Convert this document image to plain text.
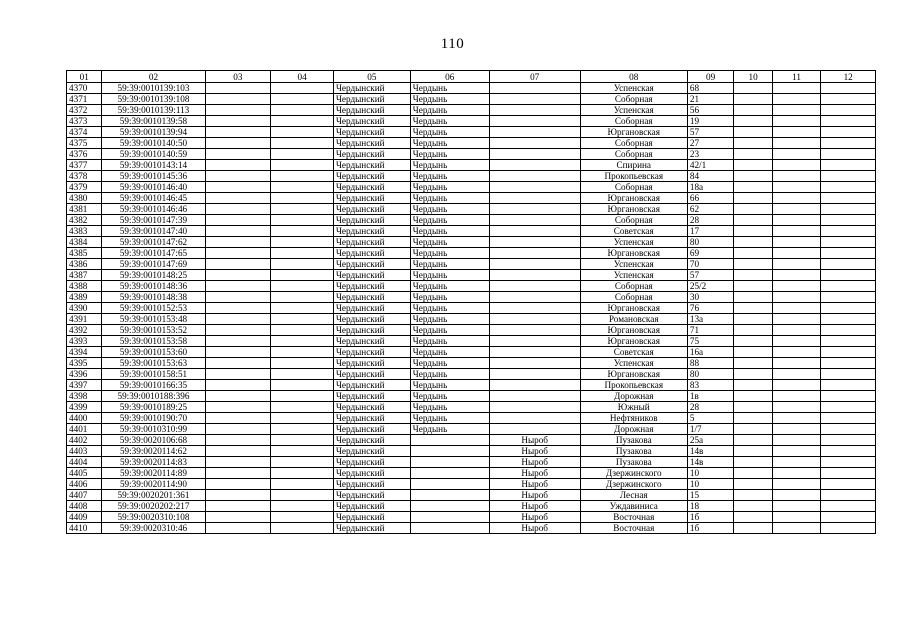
110
01	02	03	04	05	06	07	08	09	10	11	12
4370	59:39:0010139:103			Чердынский	Чердынь		Успенская	68			
4371	59:39:0010139:108			Чердынский	Чердынь		Соборная	21			
4372	59:39:0010139:113			Чердынский	Чердынь		Успенская	56			
4373	59:39:0010139:58			Чердынский	Чердынь		Соборная	19			
4374	59:39:0010139:94			Чердынский	Чердынь		Юргановская	57			
4375	59:39:0010140:50			Чердынский	Чердынь		Соборная	27			
4376	59:39:0010140:59			Чердынский	Чердынь		Соборная	23			
4377	59:39:0010143:14			Чердынский	Чердынь		Спирина	42/1			
4378	59:39:0010145:36			Чердынский	Чердынь		Прокопьевская	84			
4379	59:39:0010146:40			Чердынский	Чердынь		Соборная	18а			
4380	59:39:0010146:45			Чердынский	Чердынь		Юргановская	66			
4381	59:39:0010146:46			Чердынский	Чердынь		Юргановская	62			
4382	59:39:0010147:39			Чердынский	Чердынь		Соборная	28			
4383	59:39:0010147:40			Чердынский	Чердынь		Советская	17			
4384	59:39:0010147:62			Чердынский	Чердынь		Успенская	80			
4385	59:39:0010147:65			Чердынский	Чердынь		Юргановская	69			
4386	59:39:0010147:69			Чердынский	Чердынь		Успенская	70			
4387	59:39:0010148:25			Чердынский	Чердынь		Успенская	57			
4388	59:39:0010148:36			Чердынский	Чердынь		Соборная	25/2			
4389	59:39:0010148:38			Чердынский	Чердынь		Соборная	30			
4390	59:39:0010152:53			Чердынский	Чердынь		Юргановская	76			
4391	59:39:0010153:48			Чердынский	Чердынь		Романовская	13а			
4392	59:39:0010153:52			Чердынский	Чердынь		Юргановская	71			
4393	59:39:0010153:58			Чердынский	Чердынь		Юргановская	75			
4394	59:39:0010153:60			Чердынский	Чердынь		Советская	16а			
4395	59:39:0010153:63			Чердынский	Чердынь		Успенская	88			
4396	59:39:0010158:51			Чердынский	Чердынь		Юргановская	80			
4397	59:39:0010166:35			Чердынский	Чердынь		Прокопьевская	83			
4398	59:39:0010188:396			Чердынский	Чердынь		Дорожная	1в			
4399	59:39:0010189:25			Чердынский	Чердынь		Южный	28			
4400	59:39:0010190:70			Чердынский	Чердынь		Нефтяников	5			
4401	59:39:0010310:99			Чердынский	Чердынь		Дорожная	1/7			
4402	59:39:0020106:68			Чердынский		Ныроб	Пузакова	25а			
4403	59:39:0020114:62			Чердынский		Ныроб	Пузакова	14в			
4404	59:39:0020114:83			Чердынский		Ныроб	Пузакова	14в			
4405	59:39:0020114:89			Чердынский		Ныроб	Дзержинского	10			
4406	59:39:0020114:90			Чердынский		Ныроб	Дзержинского	10			
4407	59:39:0020201:361			Чердынский		Ныроб	Лесная	15			
4408	59:39:0020202:217			Чердынский		Ныроб	Уждавиниса	18			
4409	59:39:0020310:108			Чердынский		Ныроб	Восточная	1б			
4410	59:39:0020310:46			Чердынский		Ныроб	Восточная	1б			
